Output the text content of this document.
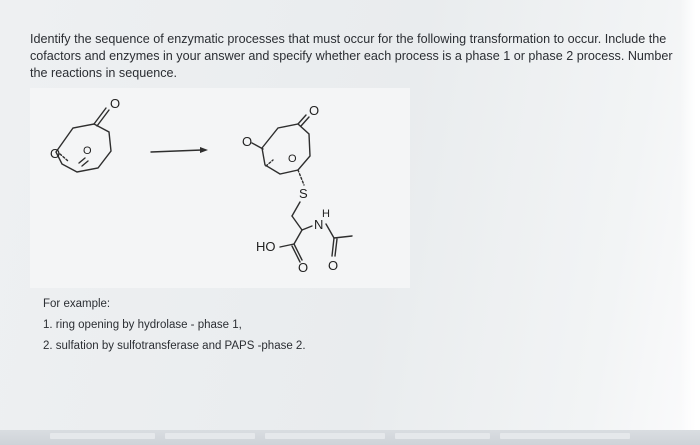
Identify the sequence of enzymatic processes that must occur for the following transformation to occur. Include the cofactors and enzymes in your answer and specify whether each process is a phase 1 or phase 2 process. Number the reactions in sequence.

O
O O
O
O
O
S
H
N
HO
O O
For example:
1. ring opening by hydrolase - phase 1,
2. sulfation by sulfotransferase and PAPS -phase 2.
